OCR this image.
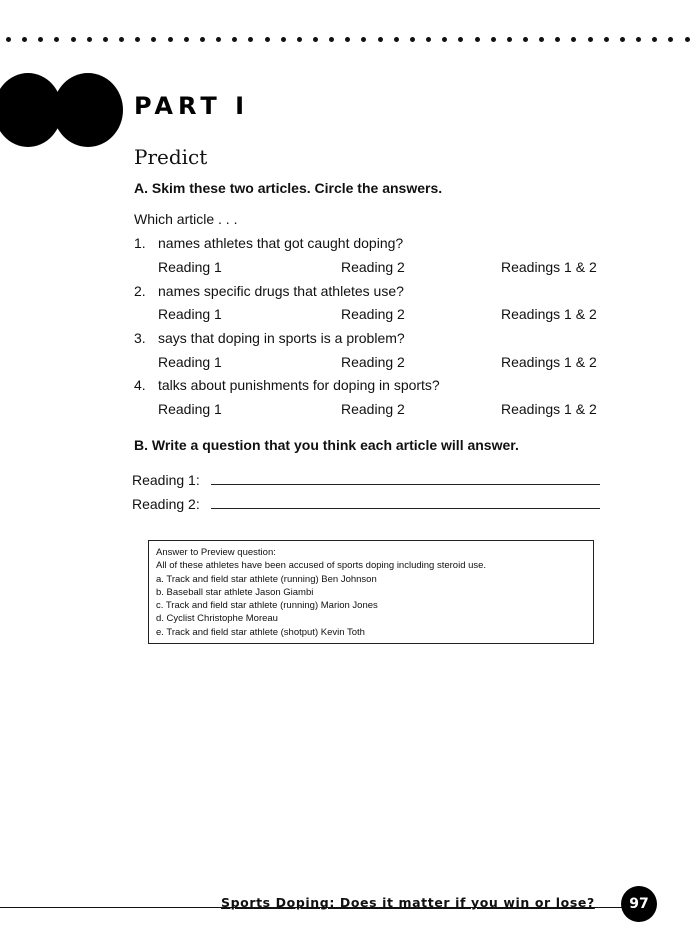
PART I
Predict
A. Skim these two articles. Circle the answers.
Which article . . .
1. names athletes that got caught doping?
Reading 1	Reading 2	Readings 1 & 2
2. names specific drugs that athletes use?
Reading 1	Reading 2	Readings 1 & 2
3. says that doping in sports is a problem?
Reading 1	Reading 2	Readings 1 & 2
4. talks about punishments for doping in sports?
Reading 1	Reading 2	Readings 1 & 2
B. Write a question that you think each article will answer.
Reading 1:
Reading 2:
Answer to Preview question:
All of these athletes have been accused of sports doping including steroid use.
a. Track and field star athlete (running) Ben Johnson
b. Baseball star athlete Jason Giambi
c. Track and field star athlete (running) Marion Jones
d. Cyclist Christophe Moreau
e. Track and field star athlete (shotput) Kevin Toth
Sports Doping: Does it matter if you win or lose? 97
